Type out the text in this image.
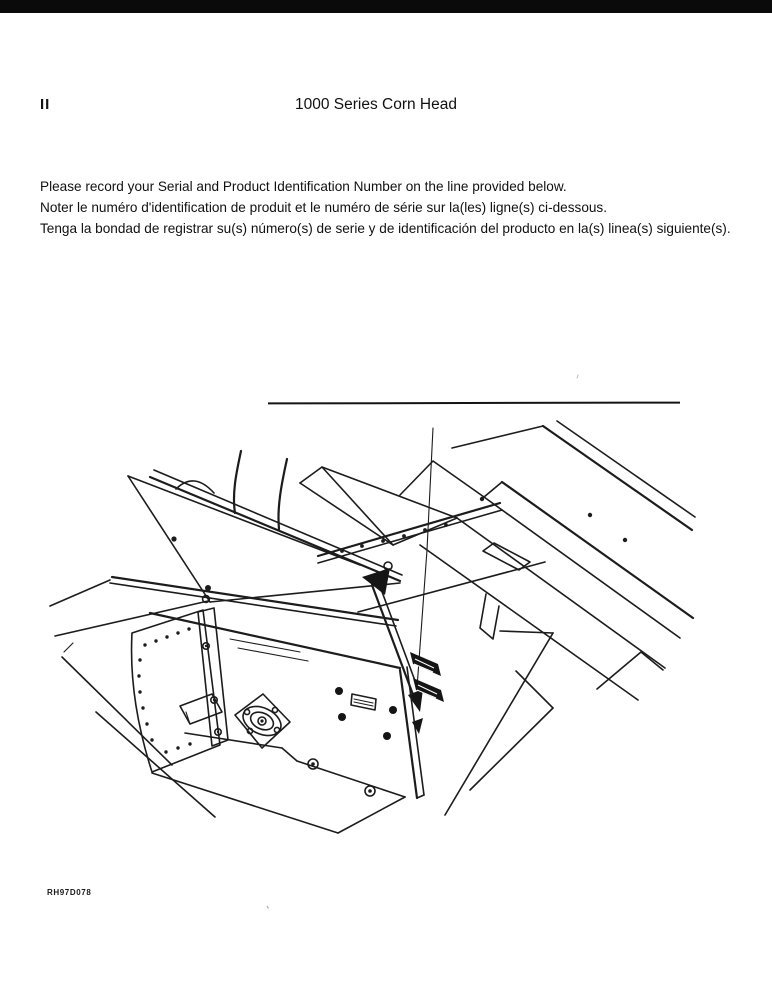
II	1000 Series Corn Head

Please record your Serial and Product Identification Number on the line provided below.

Noter le numéro d'identification de produit et le numéro de série sur la(les) ligne(s) ci-dessous.

Tenga la bondad de registrar su(s) número(s) de serie y de identificación del producto en la(s) linea(s) siguiente(s).

RH97D078
